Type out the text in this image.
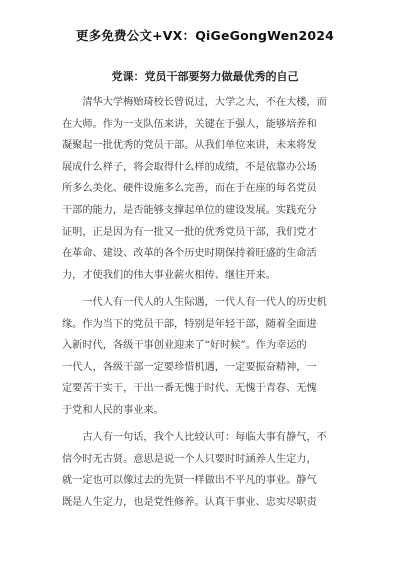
更多免费公文+VX：QiGeGongWen2024
党课：党员干部要努力做最优秀的自己
　　清华大学梅贻琦校长曾说过，大学之大，不在大楼，而
在大师。作为一支队伍来讲，关键在于强人，能够培养和
凝聚起一批优秀的党员干部。从我们单位来讲，未来将发
展成什么样子，将会取得什么样的成绩，不是依靠办公场
所多么美化、硬件设施多么完善，而在于在座的每名党员
干部的能力，是否能够支撑起单位的建设发展。实践充分
证明，正是因为有一批又一批的优秀党员干部，我们党才
在革命、建设、改革的各个历史时期保持着旺盛的生命活
力，才使我们的伟大事业薪火相传、继往开来。
　　一代人有一代人的人生际遇，一代人有一代人的历史机
缘。作为当下的党员干部，特别是年轻干部，随着全面进
入新时代，各级干事创业迎来了“好时候”。作为幸运的
一代人，各级干部一定要珍惜机遇，一定要振奋精神，一
定要苦干实干，干出一番无愧于时代、无愧于青春、无愧
于党和人民的事业来。
　　古人有一句话，我个人比较认可：每临大事有静气，不
信今时无古贤。意思是说一个人只要时时涵养人生定力，
就一定也可以像过去的先贤一样做出不平凡的事业。静气
既是人生定力，也是党性修养。认真干事业、忠实尽职责
